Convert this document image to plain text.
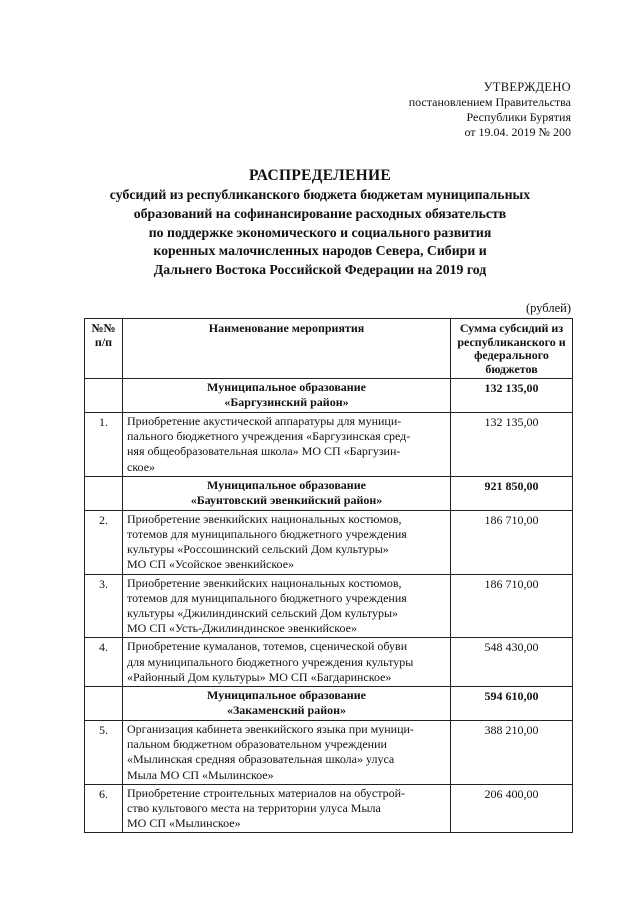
УТВЕРЖДЕНО
постановлением Правительства
Республики Бурятия
от 19.04. 2019 № 200
РАСПРЕДЕЛЕНИЕ
субсидий из республиканского бюджета бюджетам муниципальных
образований на софинансирование расходных обязательств
по поддержке экономического и социального развития
коренных малочисленных народов Севера, Сибири и
Дальнего Востока Российской Федерации на 2019 год
(рублей)
№№ п/п	Наименование мероприятия	Сумма субсидий из республиканского и федерального бюджетов

	Муниципальное образование
«Баргузинский район»	132 135,00
1.	Приобретение акустической аппаратуры для муници-
пального бюджетного учреждения «Баргузинская сред-
няя общеобразовательная школа» МО СП «Баргузин-
ское»	132 135,00

	Муниципальное образование
«Баунтовский эвенкийский район»	921 850,00
2.	Приобретение эвенкийских национальных костюмов,
тотемов для муниципального бюджетного учреждения
культуры «Россошинский сельский Дом культуры»
МО СП «Усойское эвенкийское»	186 710,00
3.	Приобретение эвенкийских национальных костюмов,
тотемов для муниципального бюджетного учреждения
культуры «Джилиндинский сельский Дом культуры»
МО СП «Усть-Джилиндинское эвенкийское»	186 710,00
4.	Приобретение кумаланов, тотемов, сценической обуви
для муниципального бюджетного учреждения культуры
«Районный Дом культуры» МО СП «Багдаринское»	548 430,00

	Муниципальное образование
«Закаменский район»	594 610,00
5.	Организация кабинета эвенкийского языка при муници-
пальном бюджетном образовательном учреждении
«Мылинская средняя образовательная школа» улуса
Мыла МО СП «Мылинское»	388 210,00
6.	Приобретение строительных материалов на обустрой-
ство культового места на территории улуса Мыла
МО СП «Мылинское»	206 400,00
